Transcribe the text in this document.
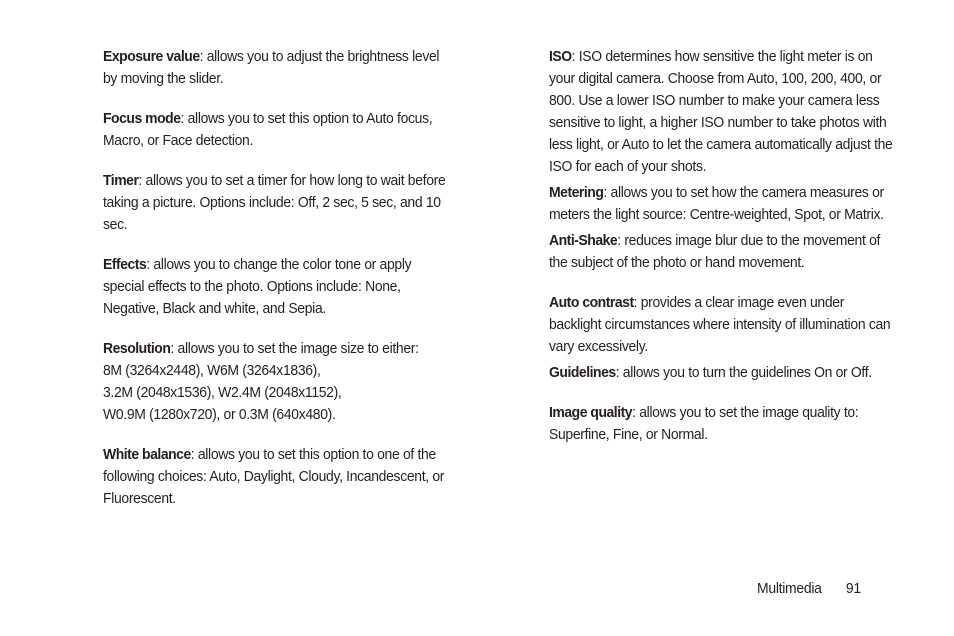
Exposure value: allows you to adjust the brightness level by moving the slider.
Focus mode: allows you to set this option to Auto focus, Macro, or Face detection.
Timer: allows you to set a timer for how long to wait before taking a picture. Options include: Off, 2 sec, 5 sec, and 10 sec.
Effects: allows you to change the color tone or apply special effects to the photo. Options include: None, Negative, Black and white, and Sepia.
Resolution: allows you to set the image size to either:
8M (3264x2448), W6M (3264x1836),
3.2M (2048x1536), W2.4M (2048x1152),
W0.9M (1280x720), or 0.3M (640x480).
White balance: allows you to set this option to one of the following choices: Auto, Daylight, Cloudy, Incandescent, or Fluorescent.
ISO: ISO determines how sensitive the light meter is on your digital camera. Choose from Auto, 100, 200, 400, or 800. Use a lower ISO number to make your camera less sensitive to light, a higher ISO number to take photos with less light, or Auto to let the camera automatically adjust the ISO for each of your shots.
Metering: allows you to set how the camera measures or meters the light source: Centre-weighted, Spot, or Matrix.
Anti-Shake: reduces image blur due to the movement of the subject of the photo or hand movement.
Auto contrast: provides a clear image even under backlight circumstances where intensity of illumination can vary excessively.
Guidelines: allows you to turn the guidelines On or Off.
Image quality: allows you to set the image quality to: Superfine, Fine, or Normal.
Multimedia 91
